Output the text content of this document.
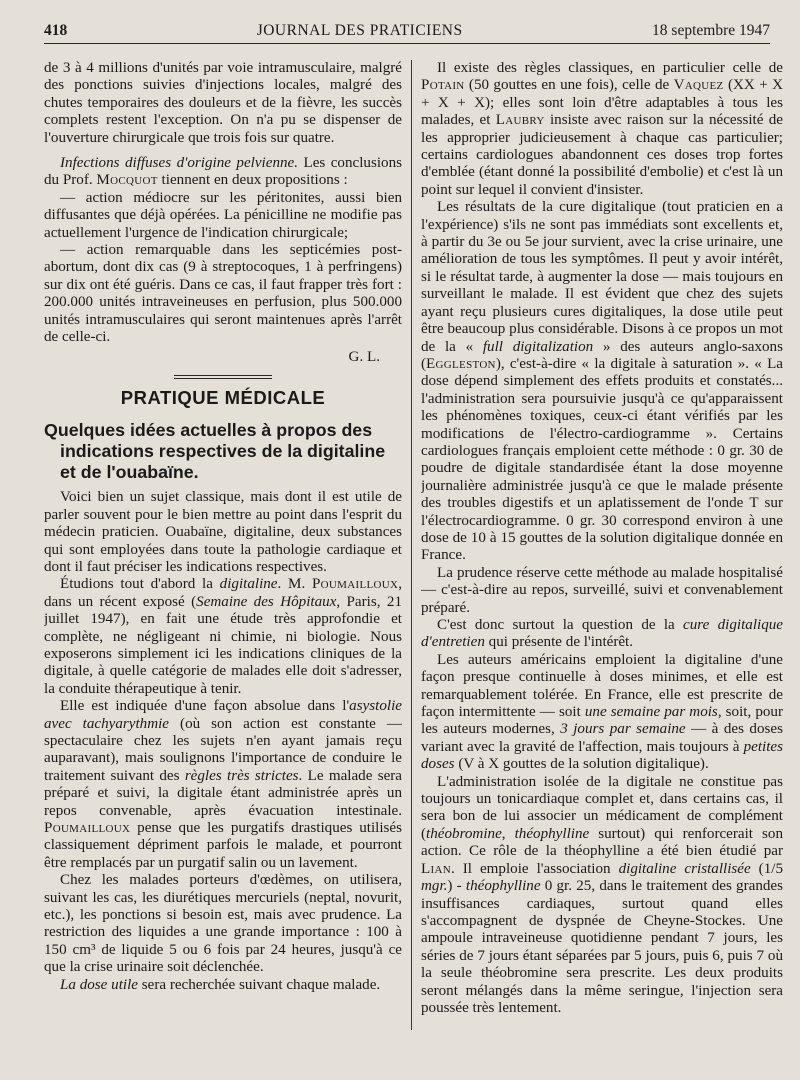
418	JOURNAL DES PRATICIENS	18 septembre 1947

de 3 à 4 millions d'unités par voie intramusculaire, malgré des ponctions suivies d'injections locales, malgré des chutes temporaires des douleurs et de la fièvre, les succès complets restent l'exception. On n'a pu se dispenser de l'ouverture chirurgicale que trois fois sur quatre.

Infections diffuses d'origine pelvienne. Les conclusions du Prof. Mocquot tiennent en deux propositions :

— action médiocre sur les péritonites, aussi bien diffusantes que déjà opérées. La pénicilline ne modifie pas actuellement l'urgence de l'indication chirurgicale;

— action remarquable dans les septicémies post-abortum, dont dix cas (9 à streptocoques, 1 à perfringens) sur dix ont été guéris. Dans ce cas, il faut frapper très fort : 200.000 unités intraveineuses en perfusion, plus 500.000 unités intramusculaires qui seront maintenues après l'arrêt de celle-ci.

G. L.
PRATIQUE MÉDICALE
Quelques idées actuelles à propos des indications respectives de la digitaline et de l'ouabaïne.

Voici bien un sujet classique, mais dont il est utile de parler souvent pour le bien mettre au point dans l'esprit du médecin praticien. Ouabaïne, digitaline, deux substances qui sont employées dans toute la pathologie cardiaque et dont il faut préciser les indications respectives.

Étudions tout d'abord la digitaline. M. Poumailloux, dans un récent exposé (Semaine des Hôpitaux, Paris, 21 juillet 1947), en fait une étude très approfondie et complète, ne négligeant ni chimie, ni biologie. Nous exposerons simplement ici les indications cliniques de la digitale, à quelle catégorie de malades elle doit s'adresser, la conduite thérapeutique à tenir.

Elle est indiquée d'une façon absolue dans l'asystolie avec tachyarythmie (où son action est constante — spectaculaire chez les sujets n'en ayant jamais reçu auparavant), mais soulignons l'importance de conduire le traitement suivant des règles très strictes. Le malade sera préparé et suivi, la digitale étant administrée après un repos convenable, après évacuation intestinale. Poumailloux pense que les purgatifs drastiques utilisés classiquement dépriment parfois le malade, et pourront être remplacés par un purgatif salin ou un lavement.

Chez les malades porteurs d'œdèmes, on utilisera, suivant les cas, les diurétiques mercuriels (neptal, novurit, etc.), les ponctions si besoin est, mais avec prudence. La restriction des liquides a une grande importance : 100 à 150 cm³ de liquide 5 ou 6 fois par 24 heures, jusqu'à ce que la crise urinaire soit déclenchée.

La dose utile sera recherchée suivant chaque malade.

Il existe des règles classiques, en particulier celle de Potain (50 gouttes en une fois), celle de Vaquez (XX + X + X + X); elles sont loin d'être adaptables à tous les malades, et Laubry insiste avec raison sur la nécessité de les approprier judicieusement à chaque cas particulier; certains cardiologues abandonnent ces doses trop fortes d'emblée (étant donné la possibilité d'embolie) et c'est là un point sur lequel il convient d'insister.

Les résultats de la cure digitalique (tout praticien en a l'expérience) s'ils ne sont pas immédiats sont excellents et, à partir du 3e ou 5e jour survient, avec la crise urinaire, une amélioration de tous les symptômes. Il peut y avoir intérêt, si le résultat tarde, à augmenter la dose — mais toujours en surveillant le malade. Il est évident que chez des sujets ayant reçu plusieurs cures digitaliques, la dose utile peut être beaucoup plus considérable. Disons à ce propos un mot de la « full digitalization » des auteurs anglo-saxons (Eggleston), c'est-à-dire « la digitale à saturation ». « La dose dépend simplement des effets produits et constatés... l'administration sera poursuivie jusqu'à ce qu'apparaissent les phénomènes toxiques, ceux-ci étant vérifiés par les modifications de l'électro-cardiogramme ». Certains cardiologues français emploient cette méthode : 0 gr. 30 de poudre de digitale standardisée étant la dose moyenne journalière administrée jusqu'à ce que le malade présente des troubles digestifs et un aplatissement de l'onde T sur l'électrocardiogramme. 0 gr. 30 correspond environ à une dose de 10 à 15 gouttes de la solution digitalique donnée en France.

La prudence réserve cette méthode au malade hospitalisé — c'est-à-dire au repos, surveillé, suivi et convenablement préparé.

C'est donc surtout la question de la cure digitalique d'entretien qui présente de l'intérêt.

Les auteurs américains emploient la digitaline d'une façon presque continuelle à doses minimes, et elle est remarquablement tolérée. En France, elle est prescrite de façon intermittente — soit une semaine par mois, soit, pour les auteurs modernes, 3 jours par semaine — à des doses variant avec la gravité de l'affection, mais toujours à petites doses (V à X gouttes de la solution digitalique).

L'administration isolée de la digitale ne constitue pas toujours un tonicardiaque complet et, dans certains cas, il sera bon de lui associer un médicament de complément (théobromine, théophylline surtout) qui renforcerait son action. Ce rôle de la théophylline a été bien étudié par Lian. Il emploie l'association digitaline cristallisée (1/5 mgr.) - théophylline 0 gr. 25, dans le traitement des grandes insuffisances cardiaques, surtout quand elles s'accompagnent de dyspnée de Cheyne-Stockes. Une ampoule intraveineuse quotidienne pendant 7 jours, les séries de 7 jours étant séparées par 5 jours, puis 6, puis 7 où la seule théobromine sera prescrite. Les deux produits seront mélangés dans la même seringue, l'injection sera poussée très lentement.
